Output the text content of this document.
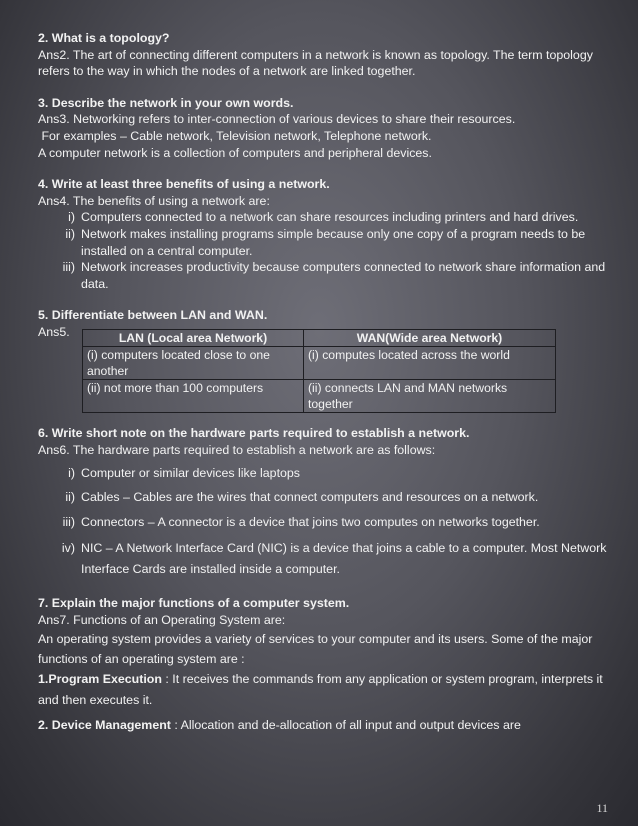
2. What is a topology?
Ans2. The art of connecting different computers in a network is known as topology. The term topology refers to the way in which the nodes of a network are linked together.
3. Describe the network in your own words.
Ans3. Networking refers to inter-connection of various devices to share their resources.
For examples – Cable network, Television network, Telephone network.
A computer network is a collection of computers and peripheral devices.
4. Write at least three benefits of using a network.
Ans4. The benefits of using a network are:
i) Computers connected to a network can share resources including printers and hard drives.
ii) Network makes installing programs simple because only one copy of a program needs to be installed on a central computer.
iii) Network increases productivity because computers connected to network share information and data.
5. Differentiate between LAN and WAN.
Ans5.	LAN (Local area Network)	WAN(Wide area Network)
(i) computers located close to one another	(i) computes located across the world
(ii) not more than 100 computers	(ii) connects LAN and MAN networks together
6. Write short note on the hardware parts required to establish a network.
Ans6. The hardware parts required to establish a network are as follows:
i) Computer or similar devices like laptops
ii) Cables – Cables are the wires that connect computers and resources on a network.
iii) Connectors – A connector is a device that joins two computes on networks together.
iv) NIC – A Network Interface Card (NIC) is a device that joins a cable to a computer. Most Network Interface Cards are installed inside a computer.
7. Explain the major functions of a computer system.
Ans7. Functions of an Operating System are:
An operating system provides a variety of services to your computer and its users. Some of the major functions of an operating system are :
1.Program Execution : It receives the commands from any application or system program, interprets it and then executes it.
2. Device Management : Allocation and de-allocation of all input and output devices are
11
